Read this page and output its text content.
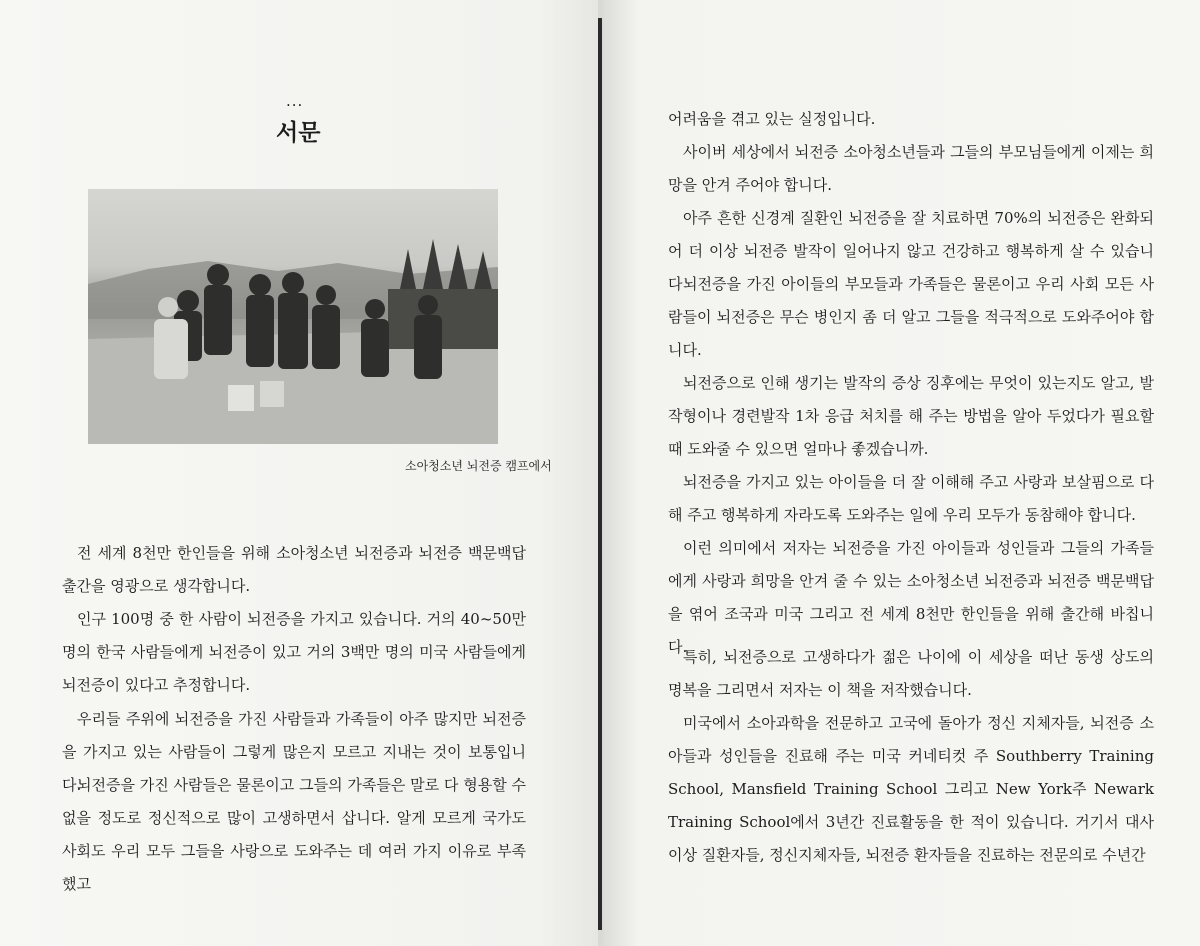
...
서문
소아청소년 뇌전증 캠프에서

전 세계 8천만 한인들을 위해 소아청소년 뇌전증과 뇌전증 백문백답 출간을 영광으로 생각합니다.

인구 100명 중 한 사람이 뇌전증을 가지고 있습니다. 거의 40~50만 명의 한국 사람들에게 뇌전증이 있고 거의 3백만 명의 미국 사람들에게 뇌전증이 있다고 추정합니다.

우리들 주위에 뇌전증을 가진 사람들과 가족들이 아주 많지만 뇌전증을 가지고 있는 사람들이 그렇게 많은지 모르고 지내는 것이 보통입니다.

뇌전증을 가진 사람들은 물론이고 그들의 가족들은 말로 다 형용할 수 없을 정도로 정신적으로 많이 고생하면서 삽니다. 알게 모르게 국가도 사회도 우리 모두 그들을 사랑으로 도와주는 데 여러 가지 이유로 부족했고

어려움을 겪고 있는 실정입니다.

사이버 세상에서 뇌전증 소아청소년들과 그들의 부모님들에게 이제는 희망을 안겨 주어야 합니다.

아주 흔한 신경계 질환인 뇌전증을 잘 치료하면 70%의 뇌전증은 완화되어 더 이상 뇌전증 발작이 일어나지 않고 건강하고 행복하게 살 수 있습니다 뇌전증을 가진 아이들의 부모들과 가족들은 물론이고 우리 사회 모든 사람들이 뇌전증은 무슨 병인지 좀 더 알고 그들을 적극적으로 도와주어야 합니다.

뇌전증으로 인해 생기는 발작의 증상 징후에는 무엇이 있는지도 알고, 발작형이나 경련발작 1차 응급 처치를 해 주는 방법을 알아 두었다가 필요할 때 도와줄 수 있으면 얼마나 좋겠습니까.

뇌전증을 가지고 있는 아이들을 더 잘 이해해 주고 사랑과 보살핌으로 다해 주고 행복하게 자라도록 도와주는 일에 우리 모두가 동참해야 합니다.

이런 의미에서 저자는 뇌전증을 가진 아이들과 성인들과 그들의 가족들에게 사랑과 희망을 안겨 줄 수 있는 소아청소년 뇌전증과 뇌전증 백문백답을 엮어 조국과 미국 그리고 전 세계 8천만 한인들을 위해 출간해 바칩니다.

특히, 뇌전증으로 고생하다가 젊은 나이에 이 세상을 떠난 동생 상도의 명복을 그리면서 저자는 이 책을 저작했습니다.

미국에서 소아과학을 전문하고 고국에 돌아가 정신 지체자들, 뇌전증 소아들과 성인들을 진료해 주는 미국 커네티컷 주 Southberry Training School, Mansfield Training School 그리고 New York주 Newark Training School에서 3년간 진료활동을 한 적이 있습니다. 거기서 대사이상 질환자들, 정신지체자들, 뇌전증 환자들을 진료하는 전문의로 수년간
